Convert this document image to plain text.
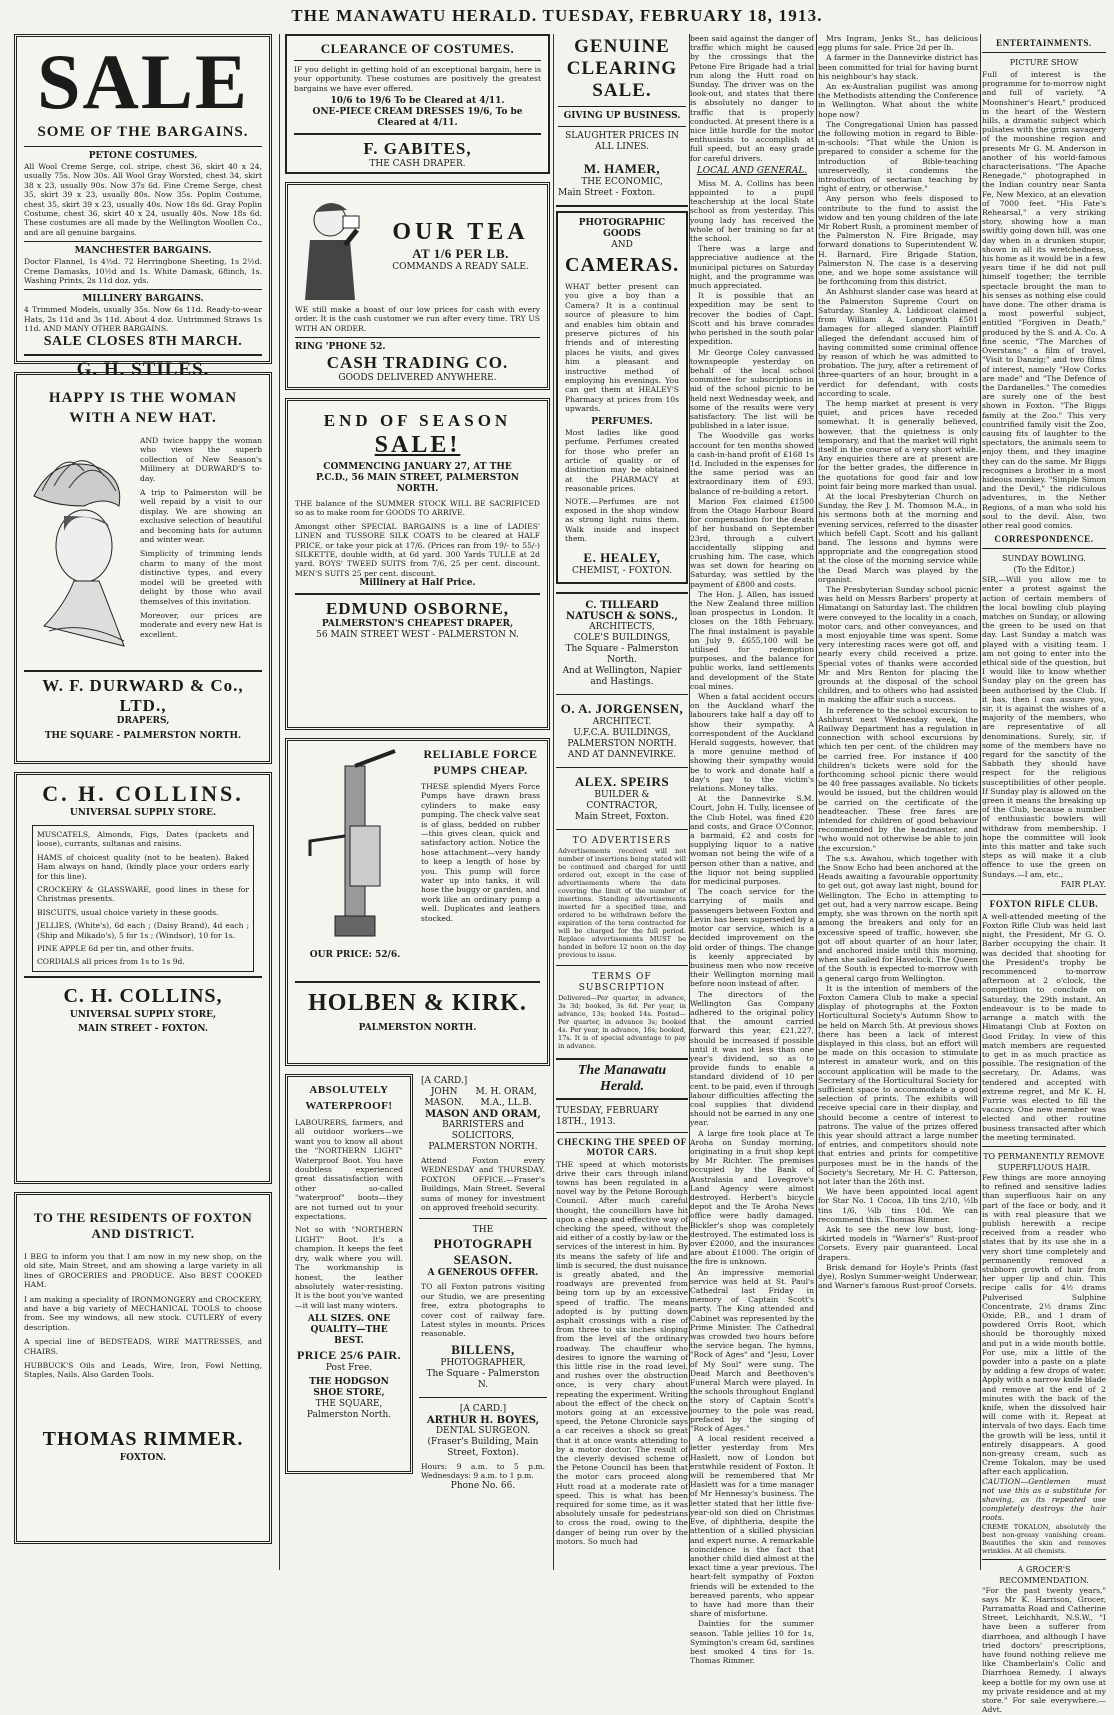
THE MANAWATU HERALD. TUESDAY, FEBRUARY 18, 1913.
SALE
SOME OF THE BARGAINS.
PETONE COSTUMES.
All Wool Creme Serge, col. stripe, chest 36, skirt 40 x 24, usually 75s. Now 30s. All Wool Gray Worsted, chest 34, skirt 38 x 23, usually 90s. Now 37s 6d. Fine Creme Serge, chest 35, skirt 39 x 23, usually 80s. Now 35s. Poplin Costume, chest 35, skirt 39 x 23, usually 40s. Now 18s 6d. Gray Poplin Costume, chest 36, skirt 40 x 24, usually 40s. Now 18s 6d. These costumes are all made by the Wellington Woollen Co., and are all genuine bargains.
MANCHESTER BARGAINS.
Doctor Flannel, 1s 4½d. 72 Herringbone Sheeting, 1s 2½d. Creme Damasks, 10½d and 1s. White Damask, 68inch, 1s. Washing Prints, 2s 11d doz. yds.
MILLINERY BARGAINS.
4 Trimmed Models, usually 35s. Now 6s 11d. Ready-to-wear Hats, 2s 11d and 3s 11d. About 4 doz. Untrimmed Straws 1s 11d. AND MANY OTHER BARGAINS.
SALE CLOSES 8TH MARCH.
G. H. STILES.
HAPPY IS THE WOMAN WITH A NEW HAT.
AND twice happy the woman who views the superb collection of New Season's Millinery at DURWARD'S to-day.
A trip to Palmerston will be well repaid by a visit to our display. We are showing an exclusive selection of beautiful and becoming hats for autumn and winter wear.
Simplicity of trimming lends charm to many of the most distinctive types, and every model will be greeted with delight by those who avail themselves of this invitation.
Moreover, our prices are moderate and every new Hat is excellent.
W. F. DURWARD & Co., LTD.,
DRAPERS,
THE SQUARE - PALMERSTON NORTH.
C. H. COLLINS.
UNIVERSAL SUPPLY STORE.
MUSCATELS, Almonds, Figs, Dates (packets and loose), currants, sultanas and raisins.
HAMS of choicest quality (not to be beaten). Baked Ham always on hand, (kindly place your orders early for this line).
CROCKERY & GLASSWARE, good lines in these for Christmas presents.
BISCUITS, usual choice variety in these goods.
JELLIES, (White's), 6d each ; (Daisy Brand), 4d each ; (Ship and Mikado's), 5 for 1s ; (Windsor), 10 for 1s.
PINE APPLE 6d per tin, and other fruits.
CORDIALS all prices from 1s to 1s 9d.
C. H. COLLINS,
UNIVERSAL SUPPLY STORE,
MAIN STREET - FOXTON.
TO THE RESIDENTS OF FOXTON AND DISTRICT.
I BEG to inform you that I am now in my new shop, on the old site, Main Street, and am showing a large variety in all lines of GROCERIES and PRODUCE. Also BEST COOKED HAM.
I am making a speciality of IRONMONGERY and CROCKERY, and have a big variety of MECHANICAL TOOLS to choose from. See my windows, all new stock. CUTLERY of every description.
A special line of BEDSTEADS, WIRE MATTRESSES, and CHAIRS.
HUBBUCK'S Oils and Leads, Wire, Iron, Fowl Netting, Staples, Nails. Also Garden Tools.
THOMAS RIMMER.
FOXTON.
CLEARANCE OF COSTUMES.
IF you delight in getting hold of an exceptional bargain, here is your opportunity. These costumes are positively the greatest bargains we have ever offered.
10/6 to 19/6 To be Cleared at 4/11.
ONE-PIECE CREAM DRESSES 19/6, To be Cleared at 4/11.
F. GABITES,
THE CASH DRAPER.
OUR TEA
AT 1/6 PER LB.
COMMANDS A READY SALE.
WE still make a boast of our low prices for cash with every order. It is the cash customer we run after every time. TRY US WITH AN ORDER.
RING 'PHONE 52.
CASH TRADING CO.
GOODS DELIVERED ANYWHERE.
END OF SEASON
SALE!
COMMENCING JANUARY 27, AT THE
P.C.D., 56 MAIN STREET, PALMERSTON NORTH.
THE balance of the SUMMER STOCK WILL BE SACRIFICED so as to make room for GOODS TO ARRIVE.
Amongst other SPECIAL BARGAINS is a line of LADIES' LINEN and TUSSORE SILK COATS to be cleared at HALF PRICE, or take your pick at 17/6. (Prices ran from 19/- to 55/-) SILKETTE, double width, at 6d yard. 300 Yards TULLE at 2d yard. BOYS' TWEED SUITS from 7/6, 25 per cent. discount. MEN'S SUITS 25 per cent. discount.
Millinery at Half Price.
EDMUND OSBORNE,
PALMERSTON'S CHEAPEST DRAPER,
56 MAIN STREET WEST - PALMERSTON N.
OUR PRICE: 52/6.
RELIABLE FORCE PUMPS CHEAP.
THESE splendid Myers Force Pumps have drawn brass cylinders to make easy pumping. The check valve seat is of glass, bedded on rubber—this gives clean, quick and satisfactory action. Notice the hose attachment—very handy to keep a length of hose by you. This pump will force water up into tanks, it will hose the buggy or garden, and work like an ordinary pump a well. Duplicates and leathers stocked.
HOLBEN & KIRK.
PALMERSTON NORTH.
ABSOLUTELY WATERPROOF!
LABOURERS, farmers, and all outdoor workers—we want you to know all about the "NORTHERN LIGHT" Waterproof Boot. You have doubtless experienced great dissatisfaction with other so-called "waterproof" boots—they are not turned out to your expectations.
Not so with "NORTHERN LIGHT" Boot. It's a champion. It keeps the feet dry, walk where you will. The workmanship is honest, the leather absolutely water-resisting. It is the boot you've wanted—it will last many winters.
ALL SIZES. ONE QUALITY—THE BEST.
PRICE 25/6 PAIR.
Post Free.
THE HODGSON SHOE STORE,
THE SQUARE, Palmerston North.
[A CARD.]
JOHN MASON.
M. H. ORAM, M.A., LL.B.
MASON AND ORAM,
BARRISTERS and SOLICITORS, PALMERSTON NORTH.
Attend Foxton every WEDNESDAY and THURSDAY. FOXTON OFFICE.—Fraser's Buildings, Main Street. Several sums of money for investment on approved freehold security.
THE
PHOTOGRAPH SEASON.
A GENEROUS OFFER.
TO all Foxton patrons visiting our Studio, we are presenting free, extra photographs to cover cost of railway fare. Latest styles in mounts. Prices reasonable.
BILLENS,
PHOTOGRAPHER,
The Square - Palmerston N.
[A CARD.]
ARTHUR H. BOYES,
DENTAL SURGEON.
(Fraser's Building, Main Street, Foxton).
Hours: 9 a.m. to 5 p.m. Wednesdays: 9 a.m. to 1 p.m.
Phone No. 66.
GENUINE CLEARING SALE.
GIVING UP BUSINESS.
SLAUGHTER PRICES IN ALL LINES.
M. HAMER,
THE ECONOMIC,
Main Street - Foxton.
PHOTOGRAPHIC
GOODS
AND
CAMERAS.
WHAT better present can you give a boy than a Camera? It is a continual source of pleasure to him and enables him obtain and preserve pictures of his friends and of interesting places he visits, and gives him a pleasant and instructive method of employing his evenings. You can get them at HEALEY'S Pharmacy at prices from 10s upwards.
PERFUMES.
Most ladies like good perfume. Perfumes created for those who prefer an article of quality or of distinction may be obtained at the PHARMACY at reasonable prices.
NOTE.—Perfumes are not exposed in the shop window as strong light ruins them. Walk inside and inspect them.
E. HEALEY,
CHEMIST, - FOXTON.
C. TILLEARD NATUSCH & SONS.,
ARCHITECTS,
COLE'S BUILDINGS,
The Square - Palmerston North.
And at Wellington, Napier and Hastings.
O. A. JORGENSEN,
ARCHITECT.
U.F.C.A. BUILDINGS, PALMERSTON NORTH.
AND AT DANNEVIRKE.
ALEX. SPEIRS
BUILDER & CONTRACTOR,
Main Street, Foxton.
TO ADVERTISERS
Advertisements received will not number of insertions being stated will be continued and charged for until ordered out, except in the case of advertisements where the date covering the limit of the number of insertions. Standing advertisements inserted for a specified time, and ordered to be withdrawn before the expiration of the term contracted for will be charged for the full period. Replace advertisements MUST be handed in before 12 noon on the day previous to issue.
TERMS OF SUBSCRIPTION
Delivered—Per quarter, in advance, 3s 3d; booked, 3s 6d. Per year, in advance, 13s; booked 14s. Posted—Per quarter, in advance 3s; booked 4s. Per year, in advance, 16s; booked, 17s. It is of special advantage to pay in advance.
The Manawatu Herald.
TUESDAY, FEBRUARY 18TH., 1913.
CHECKING THE SPEED OF MOTOR CARS.
THE speed at which motorists drive their cars through inland towns has been regulated in a novel way by the Petone Borough Council. After much careful thought, the councillors have hit upon a cheap and effective way of checking the speed, without the aid either of a costly by-law or the services of the interest in him. By its means the safety of life and limb is secured, the dust nuisance is greatly abated, and the roadways are prevented from being torn up by an excessive speed of traffic. The means adopted is by putting down asphalt crossings with a rise of from three to six inches sloping from the level of the ordinary roadway. The chauffeur who desires to ignore the warning of this little rise in the road level, and rushes over the obstruction once, is very chary about repeating the experiment. Writing about the effect of the check on motors going at an excessive speed, the Petone Chronicle says a car receives a shock so great that it at once wants attending to by a motor doctor. The result of the cleverly devised scheme of the Petone Council has been that the motor cars proceed along Hutt road at a moderate rate of speed. This is what has been required for some time, as it was absolutely unsafe for pedestrians to cross the road, owing to the danger of being run over by the motors. So much had
been said against the danger of traffic which might be caused by the crossings that the Petone Fire Brigade had a trial run along the Hutt road on Sunday. The driver was on the look-out, and states that there is absolutely no danger to traffic that is properly conducted. At present there is a nice little hurdle for the motor enthusiasts to accomplish at full speed, but an easy grade for careful drivers.
LOCAL AND GENERAL.

Miss M. A. Collins has been appointed to a pupil teachership at the local State school as from yesterday. This young lady has received the whole of her training so far at the school.

There was a large and appreciative audience at the municipal pictures on Saturday night, and the programme was much appreciated.

It is possible that an expedition may be sent to recover the bodies of Capt. Scott and his brave comrades who perished in the south polar expedition.

Mr George Coley canvassed townspeople yesterday on behalf of the local school committee for subscriptions in aid of the school picnic to be held next Wednesday week, and some of the results were very satisfactory. The list will be published in a later issue.

The Woodville gas works account for ten months showed a cash-in-hand profit of £168 1s 1d. Included in the expenses for the same period was an extraordinary item of £93, balance of re-building a retort.

Marion Fox claimed £1500 from the Otago Harbour Board for compensation for the death of her husband on September 23rd, through a culvert accidentally slipping and crushing him. The case, which was set down for hearing on Saturday, was settled by the payment of £800 and costs.

The Hon. J. Allen, has issued the New Zealand three million loan prospectus in London. It closes on the 18th February. The final instalment is payable on July 9. £655,100 will be utilised for redemption purposes, and the balance for public works, land settlements and development of the State coal mines.

When a fatal accident occurs on the Auckland wharf the labourers take half a day off to show their sympathy. A correspondent of the Auckland Herald suggests, however, that a more genuine method of showing their sympathy would be to work and donate half a day's pay to the victim's relations. Money talks.

At the Dannevirke S.M. Court, John H. Tully, licensee of the Club Hotel, was fined £20 and costs, and Grace O'Connor, a barmaid, £2 and costs for supplying liquor to a native woman not being the wife of a person other than a native, and the liquor not being supplied for medicinal purposes.

The coach service for the carrying of mails and passengers between Foxton and Levin has been superseded by a motor car service, which is a decided improvement on the old order of things. The change is keenly appreciated by business men who now receive their Wellington morning mail before noon instead of after.

The directors of the Wellington Gas Company adhered to the original policy that the amount carried forward this year, £21,227, should be increased if possible until it was not less than one year's dividend, so as to provide funds to enable a standard dividend of 10 per cent. to be paid, even if through labour difficulties affecting the coal supplies that dividend should not be earned in any one year.

A large fire took place at Te Aroha on Sunday morning, originating in a fruit shop kept by Mr Richter. The premises occupied by the Bank of Australasia and Lovegrove's Land Agency were almost destroyed. Herbert's bicycle depot and the Te Aroha News office were badly damaged. Bickler's shop was completely destroyed. The estimated loss is over £2000, and the insurances are about £1000. The origin of the fire is unknown.

An impressive memorial service was held at St. Paul's Cathedral last Friday in memory of Captain Scott's party. The King attended and Cabinet was represented by the Prime Minister. The Cathedral was crowded two hours before the service began. The hymns, "Rock of Ages" and "Jesu, Lover of My Soul" were sung. The Dead March and Beethoven's Funeral March were played. In the schools throughout England the story of Captain Scott's journey to the pole was read, prefaced by the singing of "Rock of Ages."

A local resident received a letter yesterday from Mrs Haslett, now of London but erstwhile resident of Foxton. It will be remembered that Mr Haslett was for a time manager of Mr Hennessy's business. The letter stated that her little five-year-old son died on Christmas Eve, of diphtheria, despite the attention of a skilled physician and expert nurse. A remarkable coincidence is the fact that another child died almost at the exact time a year previous. The heart-felt sympathy of Foxton friends will be extended to the bereaved parents, who appear to have had more than their share of misfortune.

Dainties for the summer season. Table jellies 10 for 1s, Symington's cream 6d, sardines best smoked 4 tins for 1s. Thomas Rimmer.

Mrs Ingram, Jenks St., has delicious egg plums for sale. Price 2d per lb.

A farmer in the Dannevirke district has been committed for trial for having burnt his neighbour's hay stack.

An ex-Australian pugilist was among the Methodists attending the Conference in Wellington. What about the white hope now?

The Congregational Union has passed the following motion in regard to Bible-in-schools: "That while the Union is prepared to consider a scheme for the introduction of Bible-teaching unreservedly, it condemns the introduction of sectarian teaching by right of entry, or otherwise."

Any person who feels disposed to contribute to the fund to assist the widow and ten young children of the late Mr Robert Rush, a prominent member of the Palmerston N. Fire Brigade, may forward donations to Superintendent W. H. Barnard, Fire Brigade Station, Palmerston N. The case is a deserving one, and we hope some assistance will be forthcoming from this district.

An Ashhurst slander case was heard at the Palmerston Supreme Court on Saturday. Stanley A. Liddicoat claimed from William A. Longworth £501 damages for alleged slander. Plaintiff alleged the defendant accused him of having committed some criminal offence by reason of which he was admitted to probation. The jury, after a retirement of three-quarters of an hour, brought in a verdict for defendant, with costs according to scale.

The hemp market at present is very quiet, and prices have receded somewhat. It is generally believed, however, that the quietness is only temporary, and that the market will right itself in the course of a very short while. Any enquiries there are at present are for the better grades, the difference in the quotations for good fair and low point fair being more marked than usual.

At the local Presbyterian Church on Sunday, the Rev J. M. Thomson M.A., in his sermons both at the morning and evening services, referred to the disaster which befell Capt. Scott and his gallant band. The lessons and hymns were appropriate and the congregation stood at the close of the morning service while the Dead March was played by the organist.

The Presbyterian Sunday school picnic was held on Messrs Barbers' property at Himatangi on Saturday last. The children were conveyed to the locality in a coach, motor cars, and other conveyances, and a most enjoyable time was spent. Some very interesting races were got off, and nearly every child received a prize. Special votes of thanks were accorded Mr and Mrs Renton for placing the grounds at the disposal of the school children, and to others who had assisted in making the affair such a success.

In reference to the school excursion to Ashhurst next Wednesday week, the Railway Department has a regulation in connection with school excursions by which ten per cent. of the children may be carried free. For instance if 400 children's tickets were sold for the forthcoming school picnic there would be 40 free passages available. No tickets would be issued, but the children would be carried on the certificate of the headteacher. These free fares are intended for children of good behaviour recommended by the headmaster, and "who would not otherwise be able to join the excursion."

The s.s. Awahou, which together with the Snow Echo had been anchored at the Heads awaiting a favourable opportunity to get out, got away last night, bound for Wellington. The Echo in attempting to get out, had a very narrow escape. Being empty, she was thrown on the north spit among the breakers and only for an excessive speed of traffic, however, she got off about quarter of an hour later, and anchored inside until this morning, when she sailed for Havelock. The Queen of the South is expected to-morrow with a general cargo from Wellington.

It is the intention of members of the Foxton Camera Club to make a special display of photographs at the Foxton Horticultural Society's Autumn Show to be held on March 5th. At previous shows there has been a lack of interest displayed in this class, but an effort will be made on this occasion to stimulate interest in amateur work, and on this account application will be made to the Secretary of the Horticultural Society for sufficient space to accommodate a good selection of prints. The exhibits will receive special care in their display, and should become a centre of interest to patrons. The value of the prizes offered this year should attract a large number of entries, and competitors should note that entries and prints for competitive purposes must be in the hands of the Society's Secretary, Mr H. C. Patterson, not later than the 26th inst.

We have been appointed local agent for Star No. 1 Cocoa, 1lb tins 2/10, ½lb tins 1/6, ¼lb tins 10d. We can recommend this. Thomas Rimmer.

Ask to see the new low bust, long-skirted models in "Warner's" Rust-proof Corsets. Every pair guaranteed. Local drapers.

Brisk demand for Hoyle's Prints (fast dye), Roslyn Summer-weight Underwear, and Warner's famous Rust-proof Corsets.

ENTERTAINMENTS.
PICTURE SHOW
Full of interest is the programme for to-morrow night and full of variety. "A Moonshiner's Heart," produced in the heart of the Western hills, a dramatic subject which pulsates with the grim savagery of the moonshine region and presents Mr G. M. Anderson in another of his world-famous characterisations. "The Apache Renegade," photographed in the Indian country near Santa Fe, New Mexico, at an elevation of 7000 feet. "His Fate's Rehearsal," a very striking story, showing how a man swiftly going down hill, was one day when in a drunken stupor, shown in all its wretchedness, his home as it would be in a few years time if he did not pull himself together; the terrible spectacle brought the man to his senses as nothing else could have done. The other drama is a most powerful subject, entitled "Forgiven in Death," produced by the S. and A. Co. A fine scenic, "The Marches of Overstans;" a film of travel, "Visit to Danzig;" and two films of interest, namely "How Corks are made" and "The Defence of the Dardanelles." The comedies are surely one of the best shown in Foxton. "The Biggs family at the Zoo." This very countrified family visit the Zoo, causing fits of laughter to the spectators, the animals seem to enjoy them, and they imagine they can do the same. Mr Biggs recognises a brother in a most hideous monkey. "Simple Simon and the Devil," the ridiculous adventures, in the Nether Regions, of a man who sold his soul to the devil. Also, two other real good comics.
CORRESPONDENCE.
SUNDAY BOWLING.
(To the Editor.)
SIR,—Will you allow me to enter a protest against the action of certain members of the local bowling club playing matches on Sunday, or allowing the green to be used on that day. Last Sunday a match was played with a visiting team. I am not going to enter into the ethical side of the question, but I would like to know whether Sunday play on the green has been authorised by the Club. If it has, then I can assure you, sir, it is against the wishes of a majority of the members, who are representative of all denominations. Surely, sir, if some of the members have no regard for the sanctity of the Sabbath they should have respect for the religious susceptibilities of other people. If Sunday play is allowed on the green it means the breaking up of the Club, because a number of enthusiastic bowlers will withdraw from membership. I hope the committee will look into this matter and take such steps as will make it a club offence to use the green on Sundays.—I am, etc.,
FAIR PLAY.
FOXTON RIFLE CLUB.
A well-attended meeting of the Foxton Rifle Club was held last night, the President, Mr G. O. Barber occupying the chair. It was decided that shooting for the President's trophy be recommenced to-morrow afternoon at 2 o'clock, the competition to conclude on Saturday, the 29th instant. An endeavour is to be made to arrange a match with the Himatangi Club at Foxton on Good Friday. In view of this match members are requested to get in as much practice as possible. The resignation of the secretary, Dr. Adams, was tendered and accepted with extreme regret, and Mr K. H. Furrie was elected to fill the vacancy. One new member was elected and other routine business transacted after which the meeting terminated.
TO PERMANENTLY REMOVE SUPERFLUOUS HAIR.
Few things are more annoying to refined and sensitive ladies than superfluous hair on any part of the face or body, and it is with real pleasure that we publish herewith a recipe received from a reader who states that by its use she in a very short time completely and permanently removed a stubborn growth of hair from her upper lip and chin. This recipe calls for 4½ drams Pulverised Sulphine Concentrate, 2½ drams Zinc Oxide, P.B., and 1 dram of powdered Orris Root, which should be thoroughly mixed and put in a wide mouth bottle. For use, mix a little of the powder into a paste on a plate by adding a few drops of water. Apply with a narrow knife blade and remove at the end of 2 minutes with the back of the knife, when the dissolved hair will come with it. Repeat at intervals of two days. Each time the growth will be less, until it entirely disappears. A good non-greasy cream, such as Creme Tokalon, may be used after each application.
CAUTION—Gentlemen must not use this as a substitute for shaving, as its repeated use completely destroys the hair roots.
CREME TOKALON, absolutely the best non-greasy vanishing cream. Beautifies the skin and removes wrinkles. At all chemists.
A GROCER'S RECOMMENDATION.
"For the past twenty years," says Mr K. Harrison, Grocer, Parramatta Road and Catherine Street, Leichhardt, N.S.W., "I have been a sufferer from diarrhoea, and although I have tried doctors' prescriptions, have found nothing relieve me like Chamberlain's Colic and Diarrhoea Remedy. I always keep a bottle for my own use at my private residence and at my store." For sale everywhere.—Advt.
